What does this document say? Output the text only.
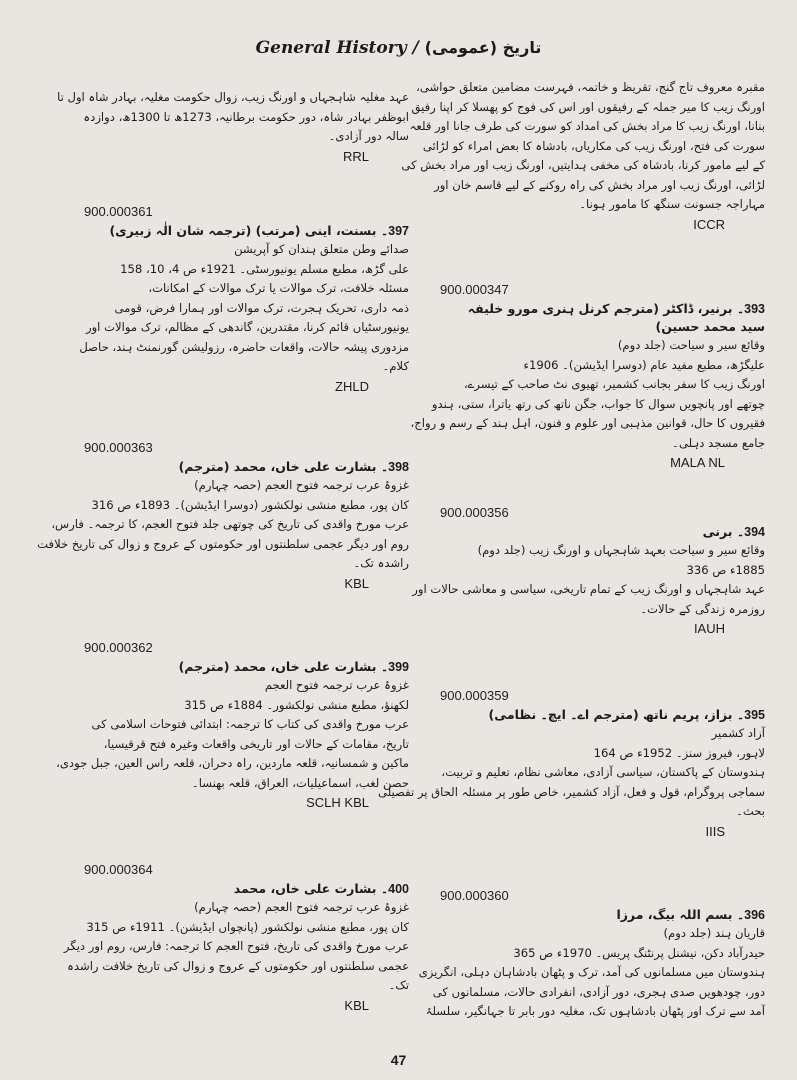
General History / تاریخ (عمومی)
مقبرہ معروف تاج گنج، تقریظ و خاتمہ، فہرست مضامین متعلق حواشی،
اورنگ زیب کا میر جملہ کے رفیقوں اور اس کی فوج کو پھسلا کر اپنا رفیق
بنانا، اورنگ زیب کا مراد بخش کی امداد کو سورت کی طرف جانا اور قلعہ
سورت کی فتح، اورنگ زیب کی مکاریاں، بادشاہ کا بعض امراء کو لڑائی
کے لیے مامور کرنا، بادشاہ کی مخفی ہدایتیں، اورنگ زیب اور مراد بخش کی
لڑائی، اورنگ زیب اور مراد بخش کی راہ روکنے کے لیے قاسم خان اور
مہاراجہ جسونت سنگھ کا مامور ہونا۔
ICCR
900.000347
393۔ برنیر، ڈاکٹر (مترجم کرنل ہنری مورو خلیفہ سید محمد حسین)
وقائع سیر و سیاحت (جلد دوم)
علیگڑھ، مطبع مفید عام (دوسرا ایڈیشن)۔ 1906ء
اورنگ زیب کا سفر بجانب کشمیر، تھیوی نٹ صاحب کے تیسرے،
چوتھے اور پانچویں سوال کا جواب، جگن ناتھ کی رتھ یاترا، ستی، ہندو
فقیروں کا حال، قوانین مذہبی اور علوم و فنون، اہل ہند کے رسم و رواج،
جامع مسجد دہلی۔
MALA NL
900.000356
394۔ برنی
وقائع سیر و سیاحت بعہد شاہجہاں و اورنگ زیب (جلد دوم)
1885ء ص 336
عہد شاہجہاں و اورنگ زیب کے تمام تاریخی، سیاسی و معاشی حالات اور
روزمرہ زندگی کے حالات۔
IAUH
900.000359
395۔ بزاز، پریم ناتھ (مترجم اے۔ ایچ۔ نظامی)
آزاد کشمیر
لاہور، فیروز سنز۔ 1952ء ص 164
ہندوستان کے پاکستان، سیاسی آزادی، معاشی نظام، تعلیم و تربیت،
سماجی پروگرام، قول و فعل، آزاد کشمیر، خاص طور پر مسئلہ الحاق پر تفصیلی
بحث۔
IIIS
900.000360
396۔ بسم اللہ بیگ، مرزا
قاریان ہند (جلد دوم)
حیدرآباد دکن، نیشنل پرنٹنگ پریس۔ 1970ء ص 365
ہندوستان میں مسلمانوں کی آمد، ترک و پٹھان بادشاہان دہلی، انگریزی
دور، چودھویں صدی ہجری، دور آزادی، انفرادی حالات، مسلمانوں کی
آمد سے ترک اور پٹھان بادشاہوں تک، مغلیہ دور بابر تا جہانگیر، سلسلۂ
عہد مغلیہ شاہجہاں و اورنگ زیب، زوال حکومت مغلیہ، بہادر شاہ اول تا
ابوظفر بہادر شاہ، دور حکومت برطانیہ، 1273ھ تا 1300ھ، دوازدہ
سالہ دور آزادی۔
RRL
900.000361
397۔ بسنت، اینی (مرتب) (ترجمہ شان الٰہ زبیری)
صدائے وطن متعلق ہندان کو آپریشن
علی گڑھ، مطبع مسلم یونیورسٹی۔ 1921ء ص 4، 10، 158
مسئلہ خلافت، ترک موالات یا ترک موالات کے امکانات،
ذمہ داری، تحریک ہجرت، ترک موالات اور ہمارا فرض، قومی
یونیورسٹیاں قائم کرنا، مقتدرین، گاندھی کے مظالم، ترک موالات اور
مزدوری پیشہ حالات، واقعات حاضرہ، رزولیشن گورنمنٹ ہند، حاصل
کلام۔
ZHLD
900.000363
398۔ بشارت علی خاں، محمد (مترجم)
غزوۂ عرب ترجمہ فتوح العجم (حصہ چہارم)
کان پور، مطبع منشی نولکشور (دوسرا ایڈیشن)۔ 1893ء ص 316
عرب مورخ واقدی کی تاریخ کی چوتھی جلد فتوح العجم، کا ترجمہ۔ فارس،
روم اور دیگر عجمی سلطنتوں اور حکومتوں کے عروج و زوال کی تاریخ خلافت
راشدہ تک۔
KBL
900.000362
399۔ بشارت علی خاں، محمد (مترجم)
غزوۂ عرب ترجمہ فتوح العجم
لکھنؤ، مطبع منشی نولکشور۔ 1884ء ص 315
عرب مورخ واقدی کی کتاب کا ترجمہ: ابتدائی فتوحات اسلامی کی
تاریخ، مقامات کے حالات اور تاریخی واقعات وغیرہ فتح قرقیسیا،
ماکین و شمسانیہ، قلعہ ماردین، راہ دحران، قلعہ راس العین، جبل جودی،
حصن لغب، اسماعیلیات، العراق، قلعہ بھنسا۔
SCLH KBL
900.000364
400۔ بشارت علی خاں، محمد
غزوۂ عرب ترجمہ فتوح العجم (حصہ چہارم)
کان پور، مطبع منشی نولکشور (پانچواں ایڈیشن)۔ 1911ء ص 315
عرب مورخ واقدی کی تاریخ، فتوح العجم کا ترجمہ: فارس، روم اور دیگر
عجمی سلطنتوں اور حکومتوں کے عروج و زوال کی تاریخ خلافت راشدہ
تک۔
KBL
47
